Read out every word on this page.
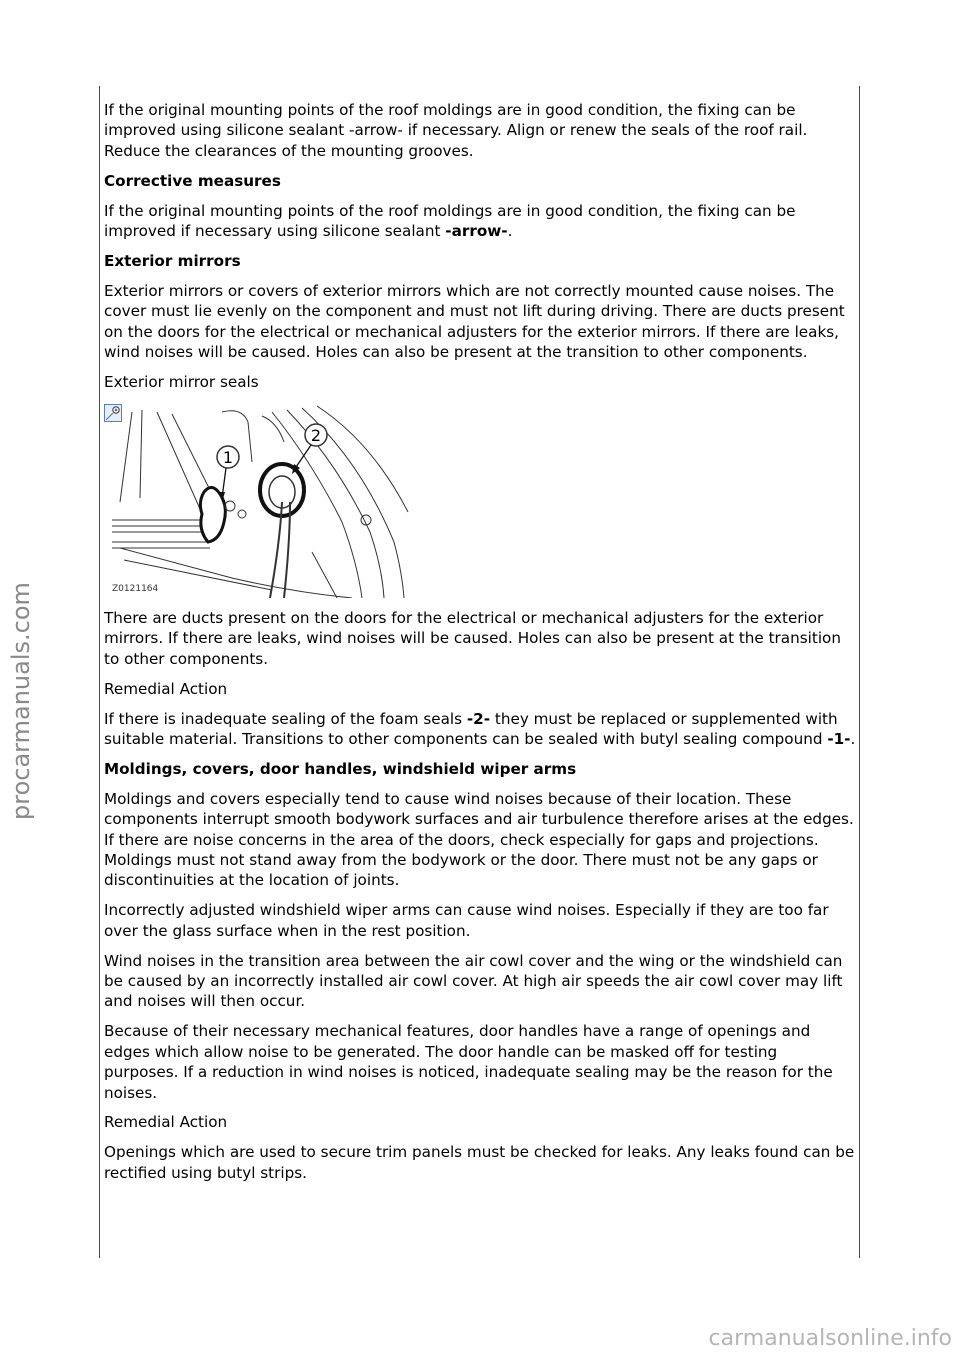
If the original mounting points of the roof moldings are in good condition, the fixing can be improved using silicone sealant -arrow- if necessary. Align or renew the seals of the roof rail. Reduce the clearances of the mounting grooves.

Corrective measures

If the original mounting points of the roof moldings are in good condition, the fixing can be improved if necessary using silicone sealant -arrow-.

Exterior mirrors

Exterior mirrors or covers of exterior mirrors which are not correctly mounted cause noises. The cover must lie evenly on the component and must not lift during driving. There are ducts present on the doors for the electrical or mechanical adjusters for the exterior mirrors. If there are leaks, wind noises will be caused. Holes can also be present at the transition to other components.

Exterior mirror seals

1
2
Z0121164

There are ducts present on the doors for the electrical or mechanical adjusters for the exterior mirrors. If there are leaks, wind noises will be caused. Holes can also be present at the transition to other components.

Remedial Action

If there is inadequate sealing of the foam seals -2- they must be replaced or supplemented with suitable material. Transitions to other components can be sealed with butyl sealing compound -1-.

Moldings, covers, door handles, windshield wiper arms

Moldings and covers especially tend to cause wind noises because of their location. These components interrupt smooth bodywork surfaces and air turbulence therefore arises at the edges. If there are noise concerns in the area of the doors, check especially for gaps and projections. Moldings must not stand away from the bodywork or the door. There must not be any gaps or discontinuities at the location of joints.

Incorrectly adjusted windshield wiper arms can cause wind noises. Especially if they are too far over the glass surface when in the rest position.

Wind noises in the transition area between the air cowl cover and the wing or the windshield can be caused by an incorrectly installed air cowl cover. At high air speeds the air cowl cover may lift and noises will then occur.

Because of their necessary mechanical features, door handles have a range of openings and edges which allow noise to be generated. The door handle can be masked off for testing purposes. If a reduction in wind noises is noticed, inadequate sealing may be the reason for the noises.

Remedial Action

Openings which are used to secure trim panels must be checked for leaks. Any leaks found can be rectified using butyl strips.

procarmanuals.com
carmanualsonline.info
